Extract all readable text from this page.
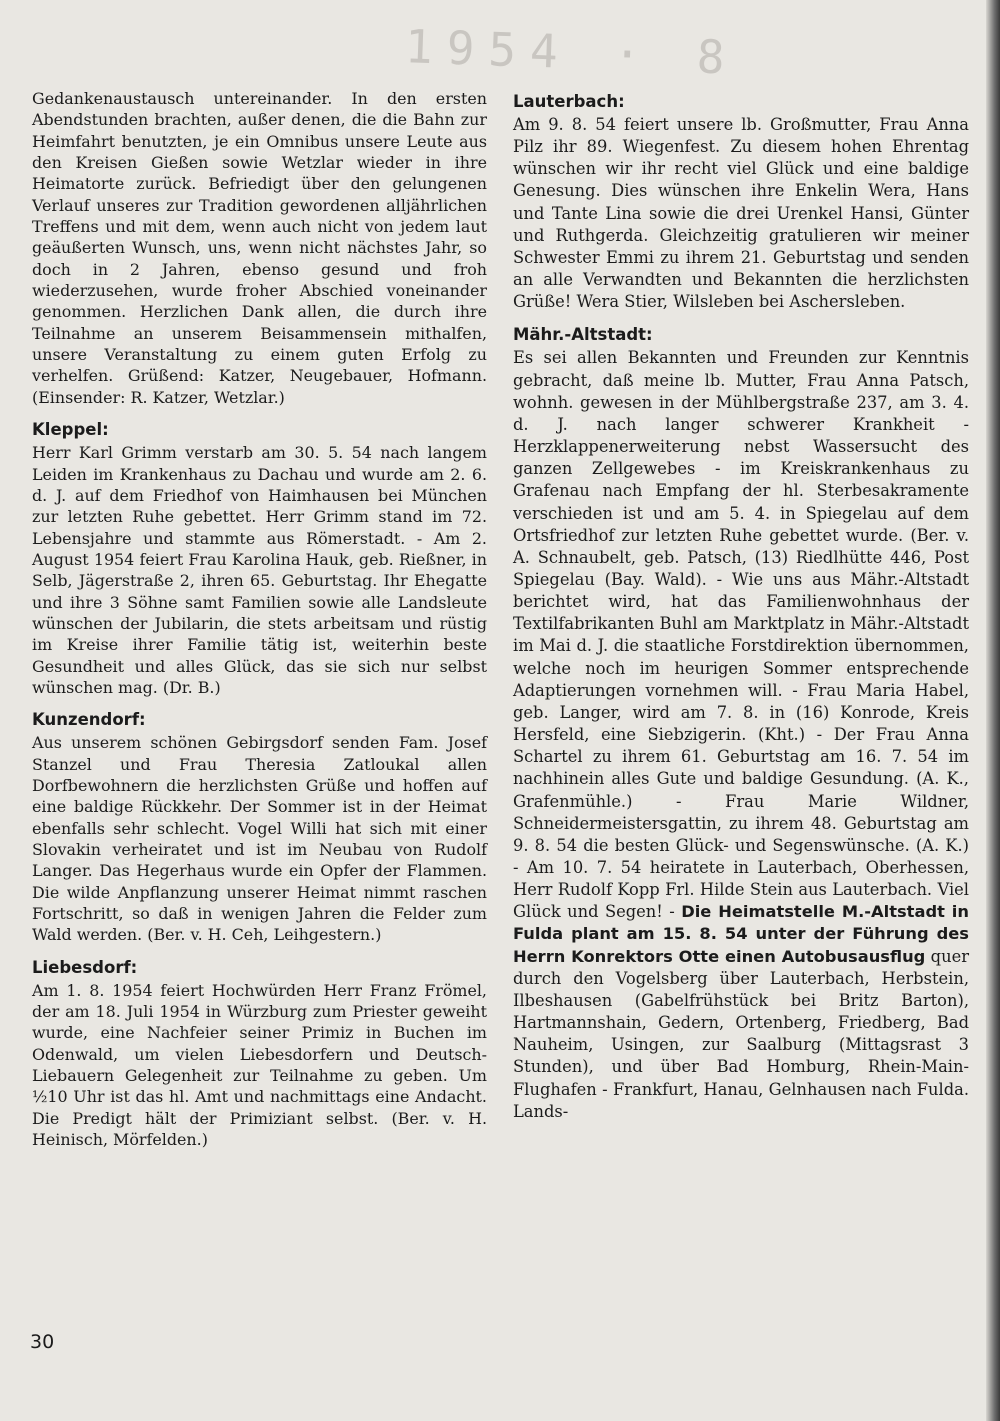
1954 · 8

Gedankenaustausch untereinander. In den ersten Abendstunden brachten, außer denen, die die Bahn zur Heimfahrt benutzten, je ein Omnibus unsere Leute aus den Kreisen Gießen sowie Wetzlar wieder in ihre Heimatorte zurück. Befriedigt über den gelungenen Verlauf unseres zur Tradition gewordenen alljährlichen Treffens und mit dem, wenn auch nicht von jedem laut geäußerten Wunsch, uns, wenn nicht nächstes Jahr, so doch in 2 Jahren, ebenso gesund und froh wiederzusehen, wurde froher Abschied voneinander genommen. Herzlichen Dank allen, die durch ihre Teilnahme an unserem Beisammensein mithalfen, unsere Veranstaltung zu einem guten Erfolg zu verhelfen. Grüßend: Katzer, Neugebauer, Hofmann. (Einsender: R. Katzer, Wetzlar.)

Kleppel:

Herr Karl Grimm verstarb am 30. 5. 54 nach langem Leiden im Krankenhaus zu Dachau und wurde am 2. 6. d. J. auf dem Friedhof von Haimhausen bei München zur letzten Ruhe gebettet. Herr Grimm stand im 72. Lebensjahre und stammte aus Römerstadt. - Am 2. August 1954 feiert Frau Karolina Hauk, geb. Rießner, in Selb, Jägerstraße 2, ihren 65. Geburtstag. Ihr Ehegatte und ihre 3 Söhne samt Familien sowie alle Landsleute wünschen der Jubilarin, die stets arbeitsam und rüstig im Kreise ihrer Familie tätig ist, weiterhin beste Gesundheit und alles Glück, das sie sich nur selbst wünschen mag. (Dr. B.)

Kunzendorf:

Aus unserem schönen Gebirgsdorf senden Fam. Josef Stanzel und Frau Theresia Zatloukal allen Dorfbewohnern die herzlichsten Grüße und hoffen auf eine baldige Rückkehr. Der Sommer ist in der Heimat ebenfalls sehr schlecht. Vogel Willi hat sich mit einer Slovakin verheiratet und ist im Neubau von Rudolf Langer. Das Hegerhaus wurde ein Opfer der Flammen. Die wilde Anpflanzung unserer Heimat nimmt raschen Fortschritt, so daß in wenigen Jahren die Felder zum Wald werden. (Ber. v. H. Ceh, Leihgestern.)

Liebesdorf:

Am 1. 8. 1954 feiert Hochwürden Herr Franz Frömel, der am 18. Juli 1954 in Würzburg zum Priester geweiht wurde, eine Nachfeier seiner Primiz in Buchen im Odenwald, um vielen Liebesdorfern und Deutsch-Liebauern Gelegenheit zur Teilnahme zu geben. Um ½10 Uhr ist das hl. Amt und nachmittags eine Andacht. Die Predigt hält der Primiziant selbst. (Ber. v. H. Heinisch, Mörfelden.)

Lauterbach:

Am 9. 8. 54 feiert unsere lb. Großmutter, Frau Anna Pilz ihr 89. Wiegenfest. Zu diesem hohen Ehrentag wünschen wir ihr recht viel Glück und eine baldige Genesung. Dies wünschen ihre Enkelin Wera, Hans und Tante Lina sowie die drei Urenkel Hansi, Günter und Ruthgerda. Gleichzeitig gratulieren wir meiner Schwester Emmi zu ihrem 21. Geburtstag und senden an alle Verwandten und Bekannten die herzlichsten Grüße! Wera Stier, Wilsleben bei Aschersleben.

Mähr.-Altstadt:

Es sei allen Bekannten und Freunden zur Kenntnis gebracht, daß meine lb. Mutter, Frau Anna Patsch, wohnh. gewesen in der Mühlbergstraße 237, am 3. 4. d. J. nach langer schwerer Krankheit - Herzklappenerweiterung nebst Wassersucht des ganzen Zellgewebes - im Kreiskrankenhaus zu Grafenau nach Empfang der hl. Sterbesakramente verschieden ist und am 5. 4. in Spiegelau auf dem Ortsfriedhof zur letzten Ruhe gebettet wurde. (Ber. v. A. Schnaubelt, geb. Patsch, (13) Riedlhütte 446, Post Spiegelau (Bay. Wald). - Wie uns aus Mähr.-Altstadt berichtet wird, hat das Familienwohnhaus der Textilfabrikanten Buhl am Marktplatz in Mähr.-Altstadt im Mai d. J. die staatliche Forstdirektion übernommen, welche noch im heurigen Sommer entsprechende Adaptierungen vornehmen will. - Frau Maria Habel, geb. Langer, wird am 7. 8. in (16) Konrode, Kreis Hersfeld, eine Siebzigerin. (Kht.) - Der Frau Anna Schartel zu ihrem 61. Geburtstag am 16. 7. 54 im nachhinein alles Gute und baldige Gesundung. (A. K., Grafenmühle.) - Frau Marie Wildner, Schneidermeistersgattin, zu ihrem 48. Geburtstag am 9. 8. 54 die besten Glück- und Segenswünsche. (A. K.) - Am 10. 7. 54 heiratete in Lauterbach, Oberhessen, Herr Rudolf Kopp Frl. Hilde Stein aus Lauterbach. Viel Glück und Segen! - Die Heimatstelle M.-Altstadt in Fulda plant am 15. 8. 54 unter der Führung des Herrn Konrektors Otte einen Autobusausflug quer durch den Vogelsberg über Lauterbach, Herbstein, Ilbeshausen (Gabelfrühstück bei Britz Barton), Hartmannshain, Gedern, Ortenberg, Friedberg, Bad Nauheim, Usingen, zur Saalburg (Mittagsrast 3 Stunden), und über Bad Homburg, Rhein-Main-Flughafen - Frankfurt, Hanau, Gelnhausen nach Fulda. Lands-

30
